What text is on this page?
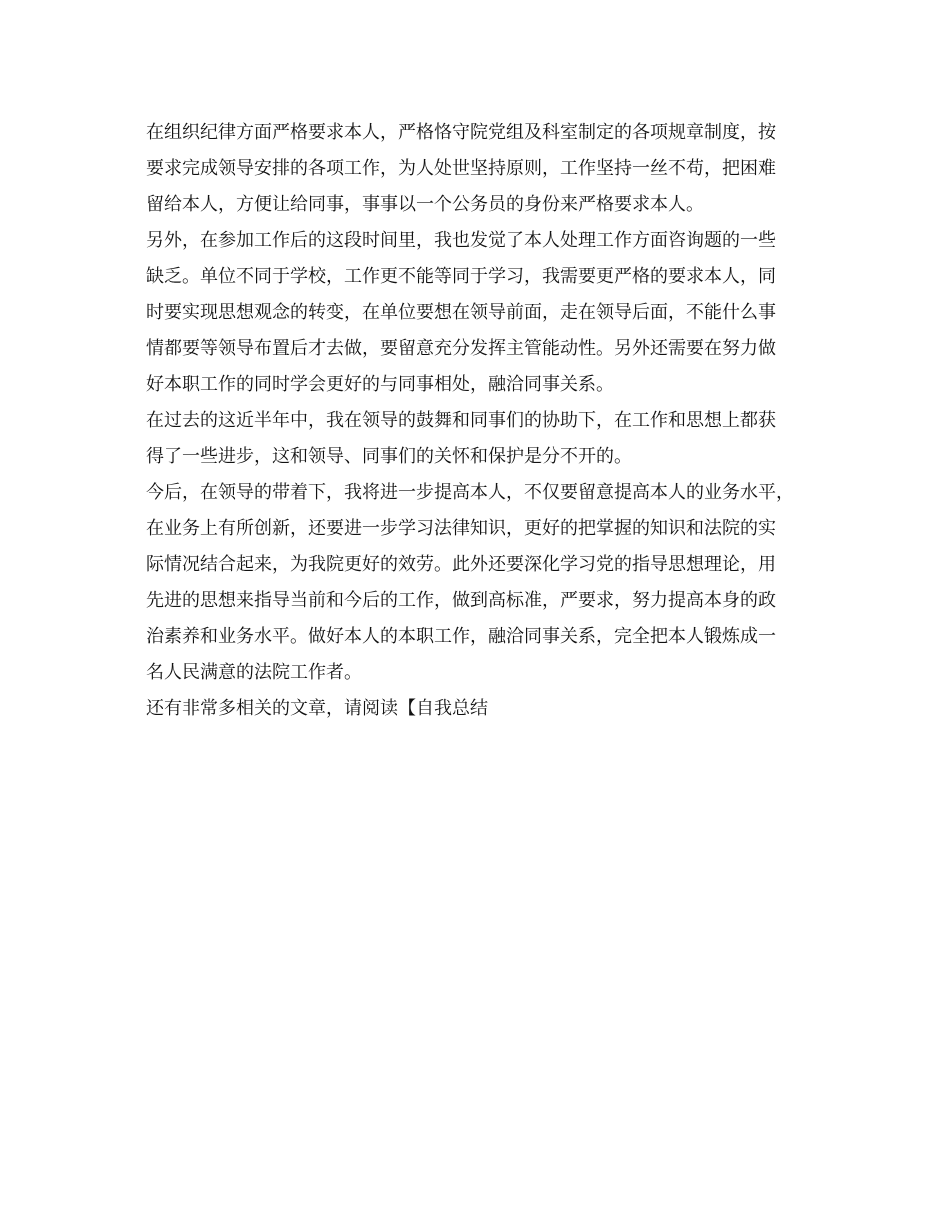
在组织纪律方面严格要求本人，严格恪守院党组及科室制定的各项规章制度，按
要求完成领导安排的各项工作，为人处世坚持原则，工作坚持一丝不苟，把困难
留给本人，方便让给同事，事事以一个公务员的身份来严格要求本人。

另外，在参加工作后的这段时间里，我也发觉了本人处理工作方面咨询题的一些
缺乏。单位不同于学校，工作更不能等同于学习，我需要更严格的要求本人，同
时要实现思想观念的转变，在单位要想在领导前面，走在领导后面，不能什么事
情都要等领导布置后才去做，要留意充分发挥主管能动性。另外还需要在努力做
好本职工作的同时学会更好的与同事相处，融洽同事关系。

在过去的这近半年中，我在领导的鼓舞和同事们的协助下，在工作和思想上都获
得了一些进步，这和领导、同事们的关怀和保护是分不开的。

今后，在领导的带着下，我将进一步提高本人，不仅要留意提高本人的业务水平，
在业务上有所创新，还要进一步学习法律知识，更好的把掌握的知识和法院的实
际情况结合起来，为我院更好的效劳。此外还要深化学习党的指导思想理论，用
先进的思想来指导当前和今后的工作，做到高标准，严要求，努力提高本身的政
治素养和业务水平。做好本人的本职工作，融洽同事关系，完全把本人锻炼成一
名人民满意的法院工作者。

还有非常多相关的文章，请阅读【自我总结
